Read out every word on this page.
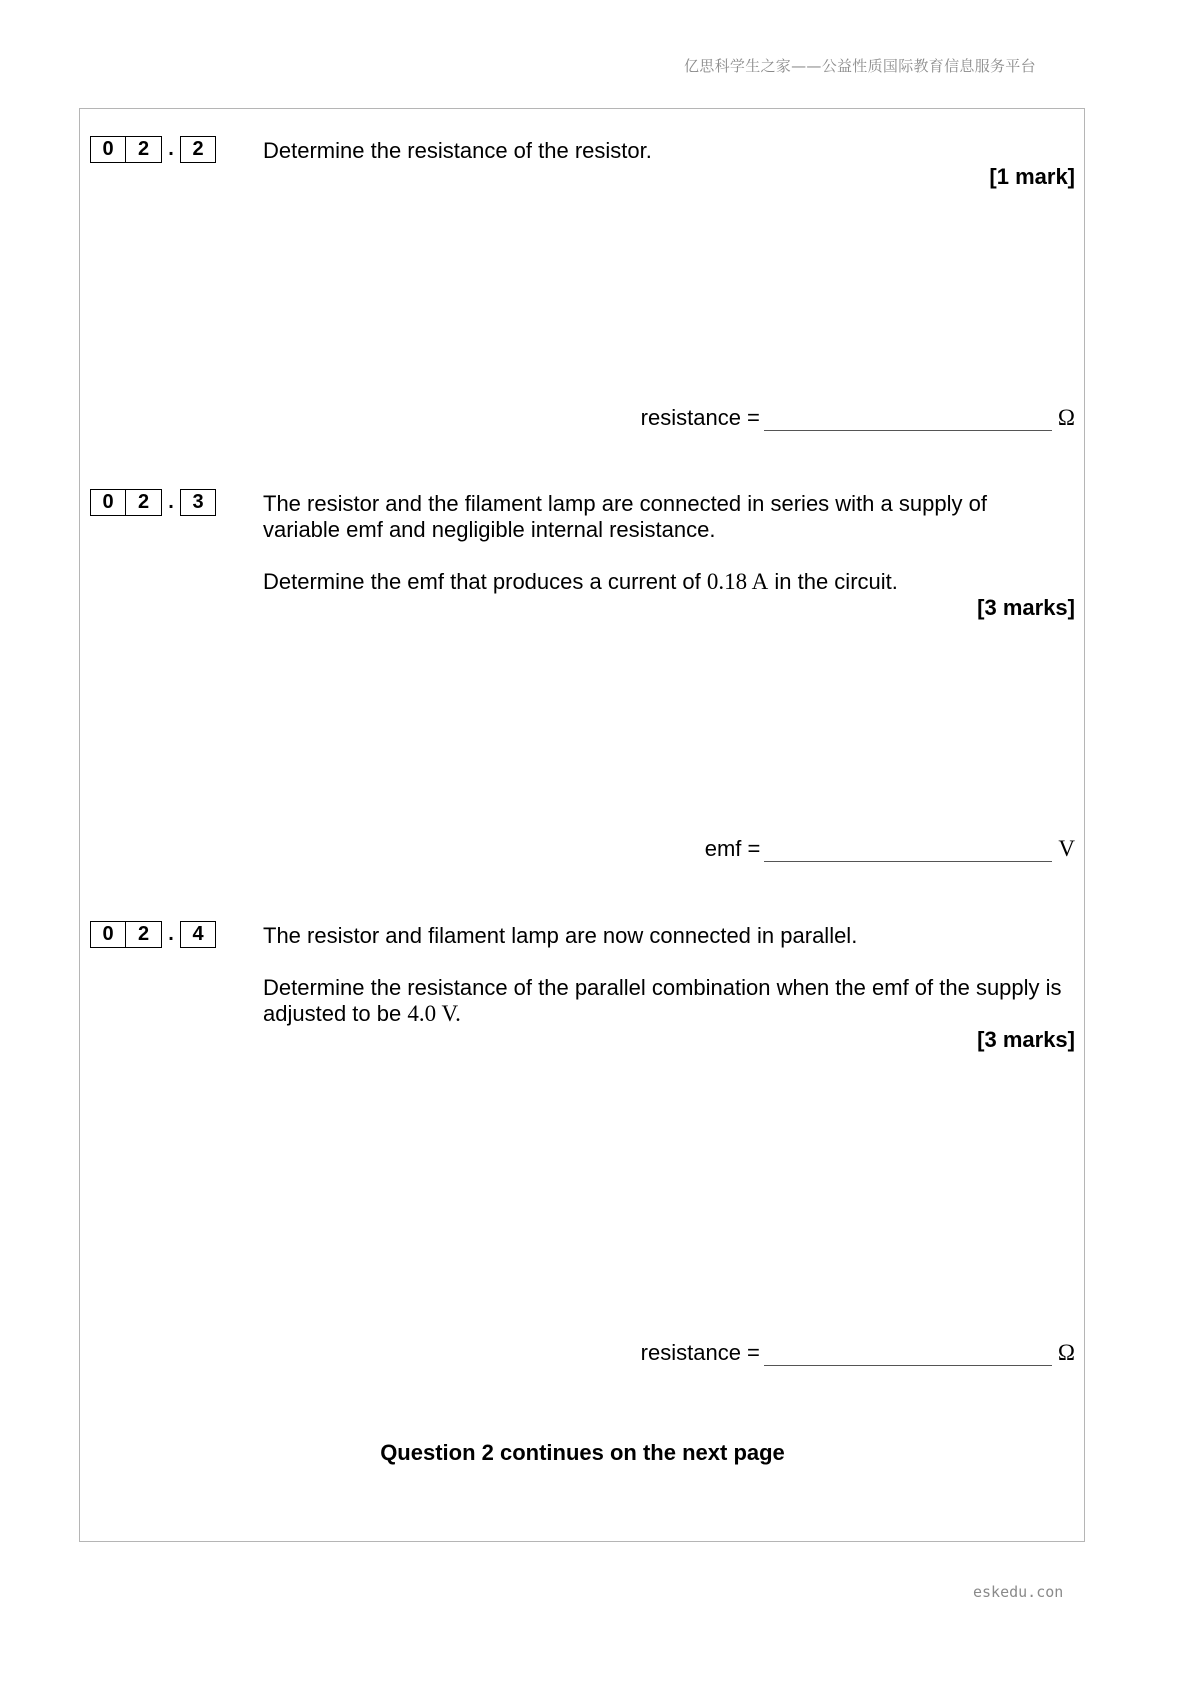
亿思科学生之家——公益性质国际教育信息服务平台
0	2 . 2	Determine the resistance of the resistor.
[1 mark]
resistance =	Ω
0	2 . 3	The resistor and the filament lamp are connected in series with a supply of
variable emf and negligible internal resistance.
Determine the emf that produces a current of 0.18 A in the circuit.
[3 marks]
emf =	V
0	2 . 4	The resistor and filament lamp are now connected in parallel.
Determine the resistance of the parallel combination when the emf of the supply is
adjusted to be 4.0 V.
[3 marks]
resistance =	Ω
Question 2 continues on the next page
eskedu.con
